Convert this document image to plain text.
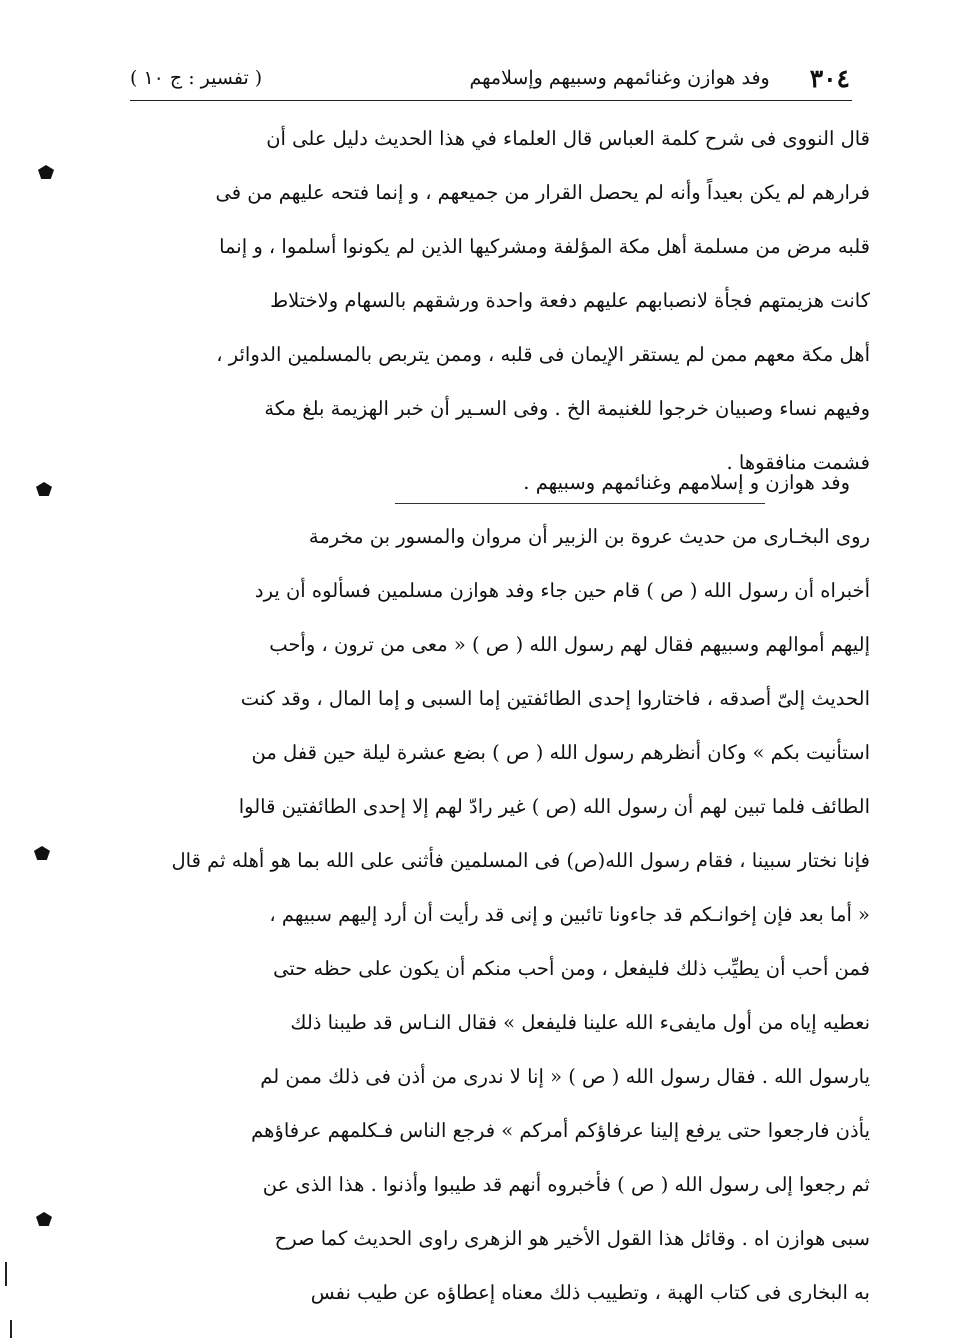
٣٠٤
وفد هوازن وغنائمهم وسبيهم وإسلامهم
( تفسير : ج ١٠ )
قال النووى فى شرح كلمة العباس قال العلماء في هذا الحديث دليل على أن
فرارهم لم يكن بعيداً وأنه لم يحصل القرار من جميعهم ، و إنما فتحه عليهم من فى
قلبه مرض من مسلمة أهل مكة المؤلفة ومشركيها الذين لم يكونوا أسلموا ، و إنما
كانت هزيمتهم فجأة لانصبابهم عليهم دفعة واحدة ورشقهم بالسهام ولاختلاط
أهل مكة معهم ممن لم يستقر الإيمان فى قلبه ، وممن يتربص بالمسلمين الدوائر ،
وفيهم نساء وصبيان خرجوا للغنيمة الخ . وفى السـير أن خبر الهزيمة بلغ مكة
فشمت منافقوها .
وفد هوازن و إسلامهم وغنائمهم وسبيهم .
روى البخـارى من حديث عروة بن الزبير أن مروان والمسور بن مخرمة
أخبراه أن رسول الله ( ص ) قام حين جاء وفد هوازن مسلمين فسألوه أن يرد
إليهم أموالهم وسبيهم فقال لهم رسول الله ( ص ) « معى من ترون ، وأحب
الحديث إلىّ أصدقه ، فاختاروا إحدى الطائفتين إما السبى و إما المال ، وقد كنت
استأنيت بكم » وكان أنظرهم رسول الله ( ص ) بضع عشرة ليلة حين قفل من
الطائف فلما تبين لهم أن رسول الله (ص ) غير رادّ لهم إلا إحدى الطائفتين قالوا
فإنا نختار سبينا ، فقام رسول الله(ص) فى المسلمين فأثنى على الله بما هو أهله ثم قال
« أما بعد فإن إخوانـكم قد جاءونا تائبين و إنى قد رأيت أن أرد إليهم سبيهم ،
فمن أحب أن يطيِّب ذلك فليفعل ، ومن أحب منكم أن يكون على حظه حتى
نعطيه إياه من أول مايفىء الله علينا فليفعل » فقال النـاس قد طيبنا ذلك
يارسول الله . فقال رسول الله ( ص ) « إنا لا ندرى من أذن فى ذلك ممن لم
يأذن فارجعوا حتى يرفع إلينا عرفاؤكم أمركم » فرجع الناس فـكلمهم عرفاؤهم
ثم رجعوا إلى رسول الله ( ص ) فأخبروه أنهم قد طيبوا وأذنوا . هذا الذى عن
سبى هوازن اه . وقائل هذا القول الأخير هو الزهرى راوى الحديث كما صرح
به البخارى فى كتاب الهبة ، وتطييب ذلك معناه إعطاؤه عن طيب نفس
